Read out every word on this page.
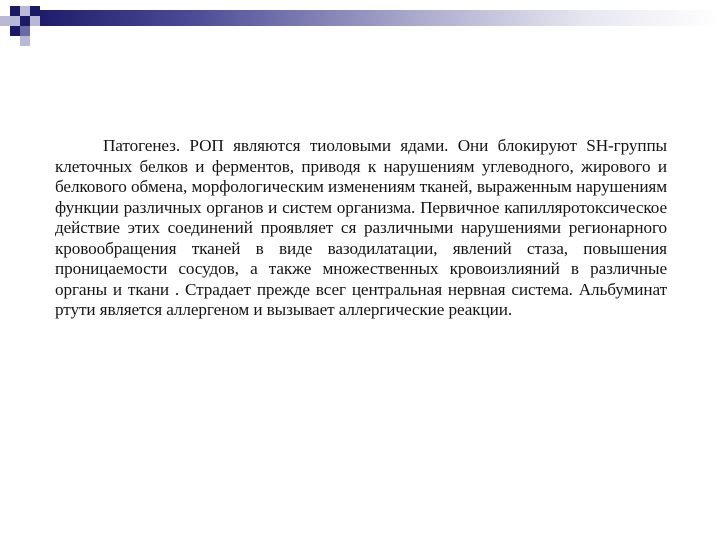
Патогенез. РОП являются тиоловыми ядами. Они блокируют SH-группы клеточных белков и ферментов, приводя к нарушениям углеводного, жирового и белкового обмена, морфологическим изменениям тканей, выраженным нарушениям функции различных органов и систем организма. Первичное капилляротоксическое действие этих соединений проявляет ся различными нарушениями регионарного кровообращения тканей в виде вазодилатации, явлений стаза, повышения проницаемости сосудов, а также множественных кровоизлияний в различные органы и ткани . Страдает прежде всег центральная нервная система. Альбуминат ртути является аллергеном и вызывает аллергические реакции.
